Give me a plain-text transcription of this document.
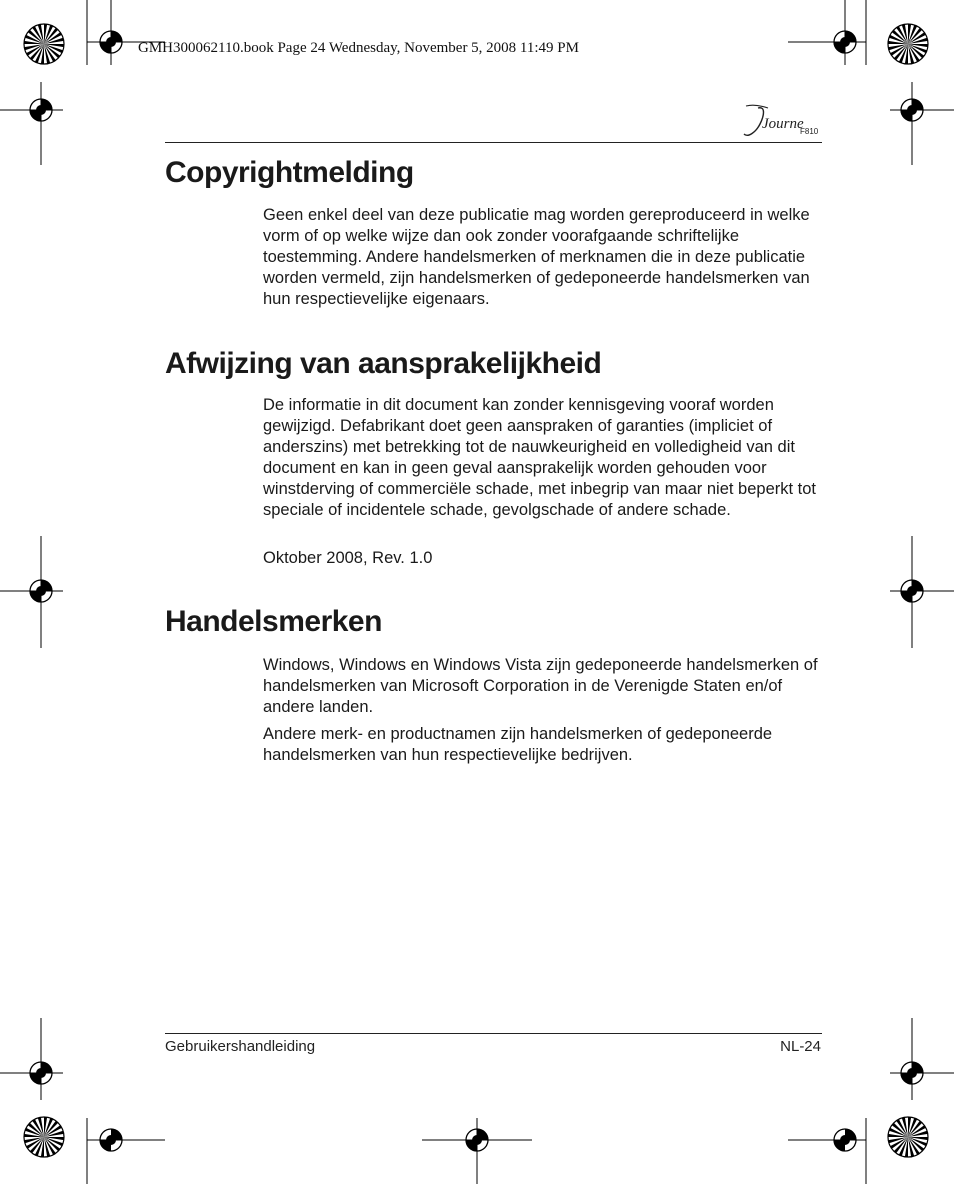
GMH300062110.book Page 24 Wednesday, November 5, 2008 11:49 PM
Journe
F810
Copyrightmelding

Geen enkel deel van deze publicatie mag worden gereproduceerd in welke vorm of op welke wijze dan ook zonder voorafgaande schriftelijke toestemming. Andere handelsmerken of merknamen die in deze publicatie worden vermeld, zijn handelsmerken of gedeponeerde handelsmerken van hun respectievelijke eigenaars.

Afwijzing van aansprakelijkheid

De informatie in dit document kan zonder kennisgeving vooraf worden gewijzigd. Defabrikant doet geen aanspraken of garanties (impliciet of anderszins) met betrekking tot de nauwkeurigheid en volledigheid van dit document en kan in geen geval aansprakelijk worden gehouden voor winstderving of commerciële schade, met inbegrip van maar niet beperkt tot speciale of incidentele schade, gevolgschade of andere schade.

Oktober 2008, Rev. 1.0

Handelsmerken

Windows, Windows en Windows Vista zijn gedeponeerde handelsmerken of handelsmerken van Microsoft Corporation in de Verenigde Staten en/of andere landen.

Andere merk- en productnamen zijn handelsmerken of gedeponeerde handelsmerken van hun respectievelijke bedrijven.

Gebruikershandleiding	NL-24
